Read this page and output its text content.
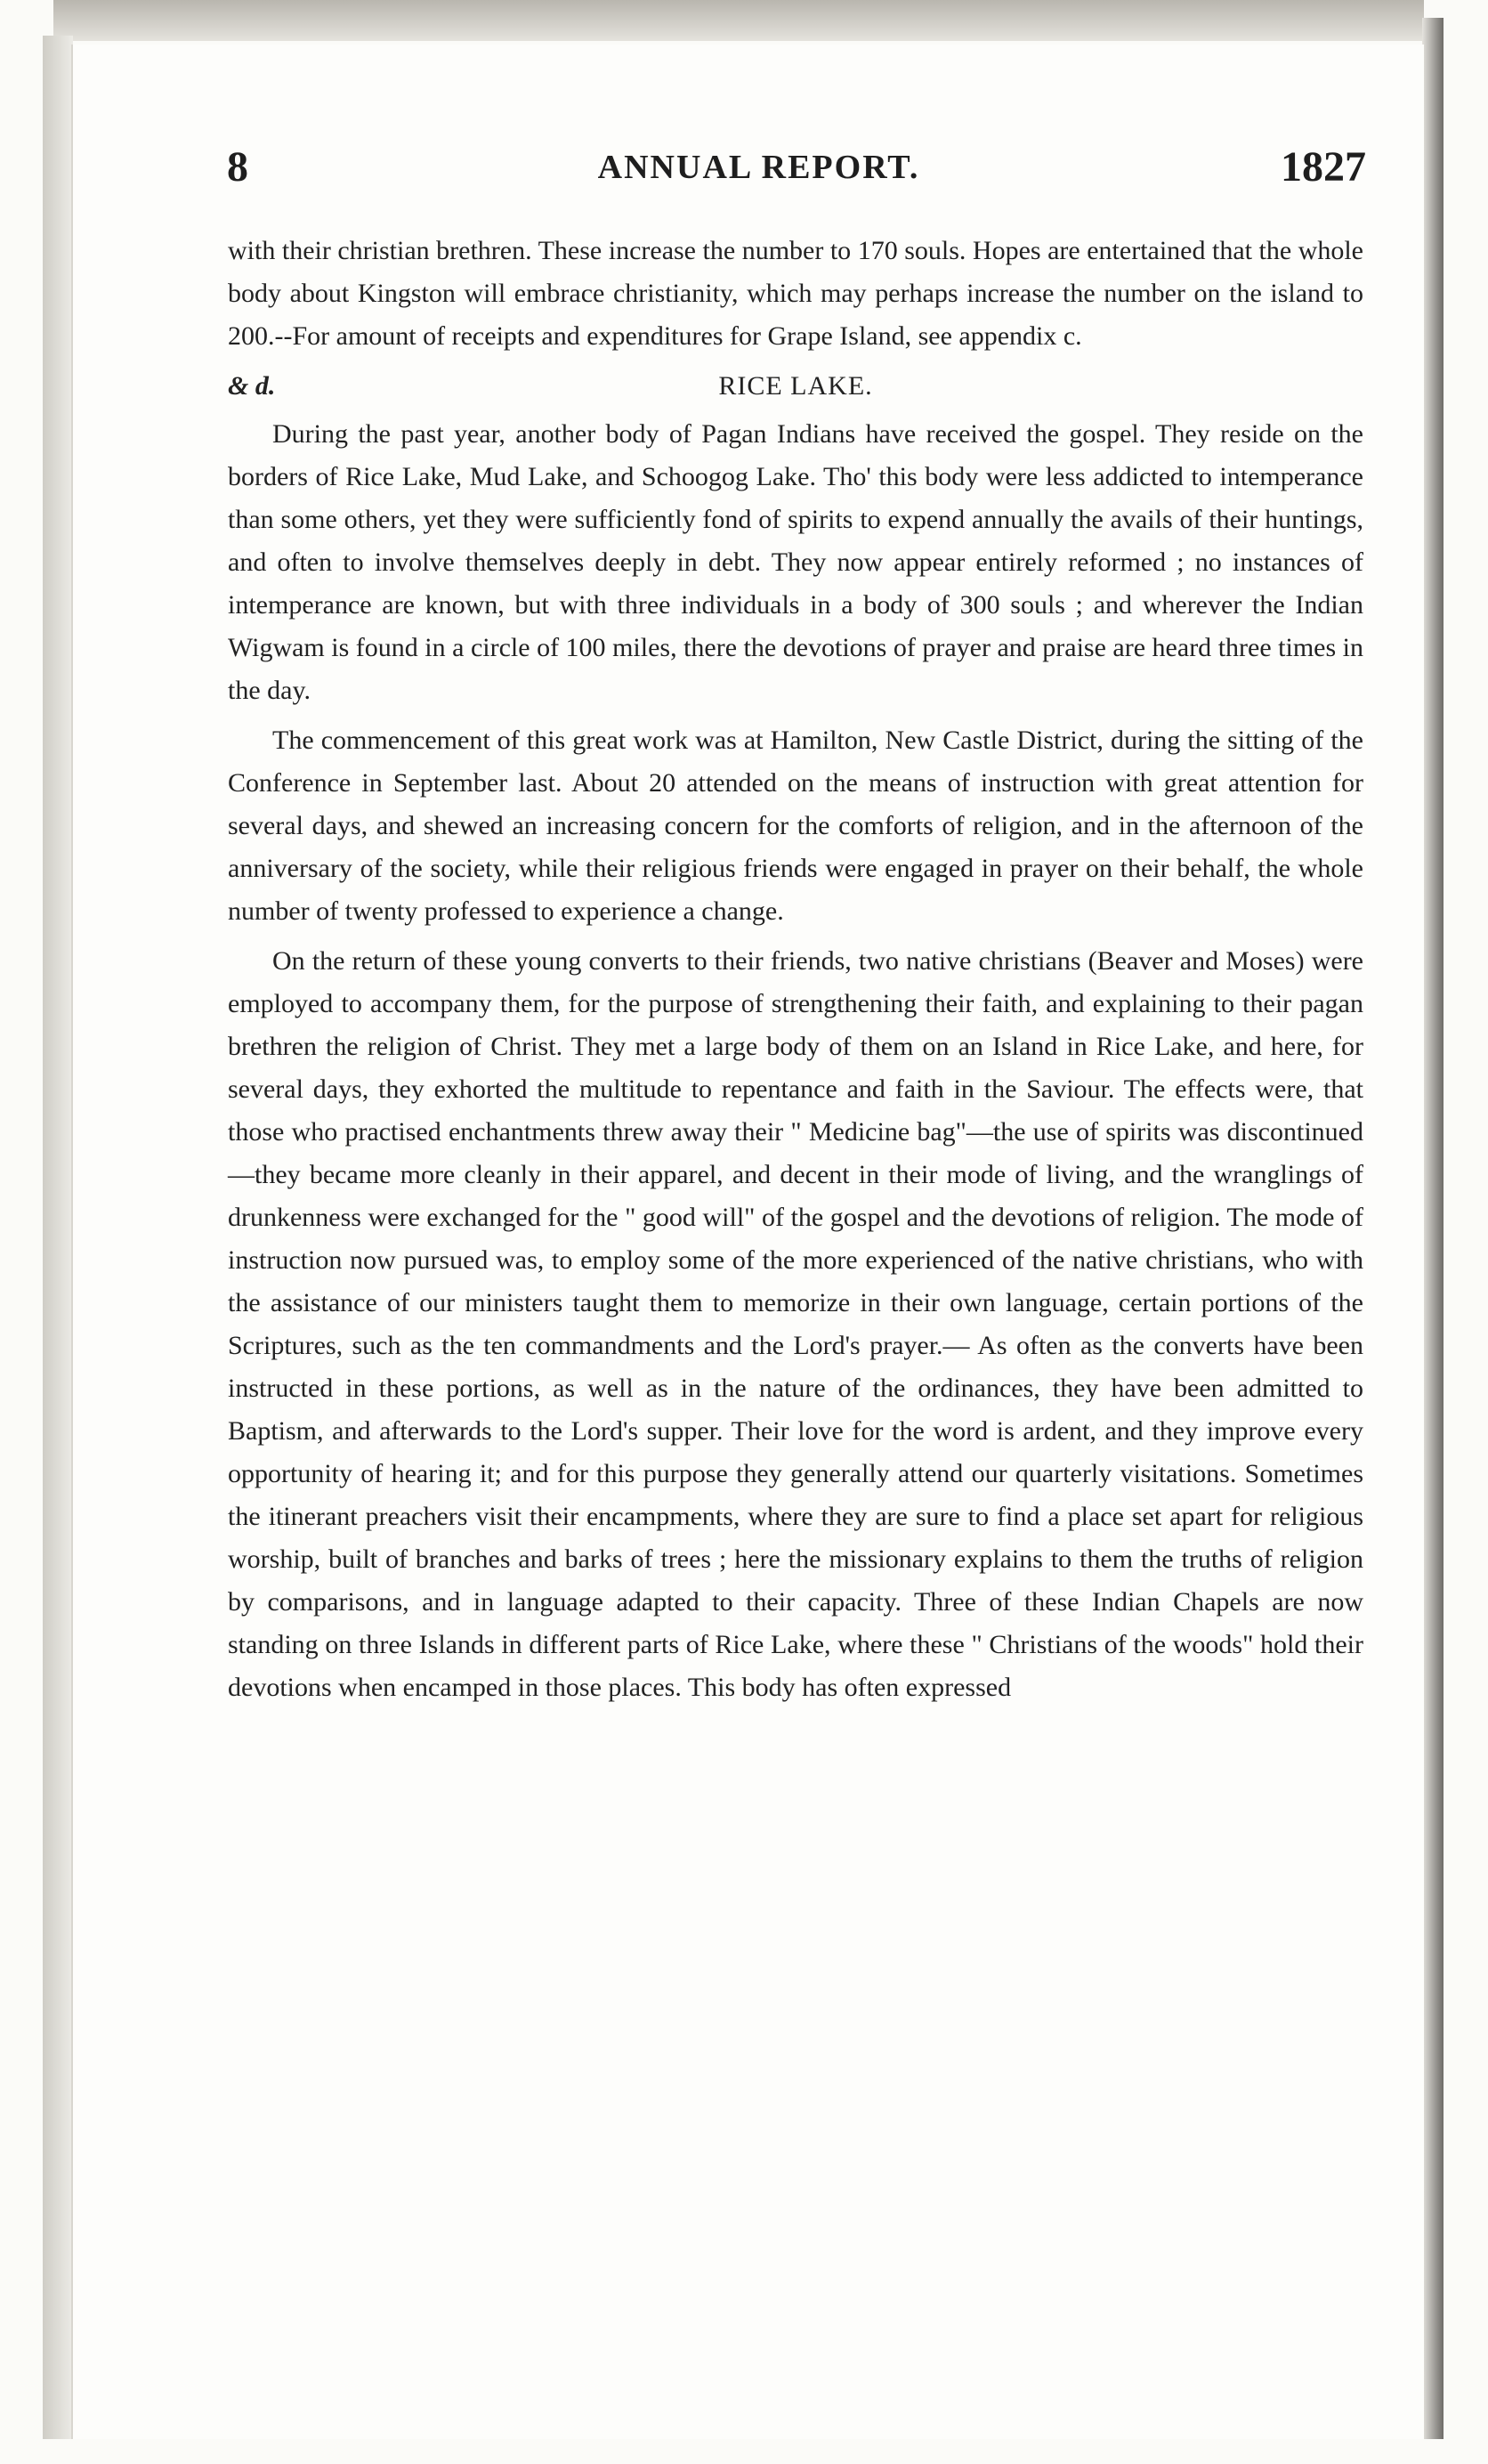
8	ANNUAL REPORT.	1827

with their christian brethren. These increase the number to 170 souls. Hopes are entertained that the whole body about Kingston will embrace christianity, which may perhaps increase the number on the island to 200.--For amount of receipts and expenditures for Grape Island, see appendix c.

& d.	RICE LAKE.

During the past year, another body of Pagan Indians have received the gospel. They reside on the borders of Rice Lake, Mud Lake, and Schoogog Lake. Tho' this body were less addicted to intemperance than some others, yet they were sufficiently fond of spirits to expend annually the avails of their huntings, and often to involve themselves deeply in debt. They now appear entirely reformed ; no instances of intemperance are known, but with three individuals in a body of 300 souls ; and wherever the Indian Wigwam is found in a circle of 100 miles, there the devotions of prayer and praise are heard three times in the day.

The commencement of this great work was at Hamilton, New Castle District, during the sitting of the Conference in September last. About 20 attended on the means of instruction with great attention for several days, and shewed an increasing concern for the comforts of religion, and in the afternoon of the anniversary of the society, while their religious friends were engaged in prayer on their behalf, the whole number of twenty professed to experience a change.

On the return of these young converts to their friends, two native christians (Beaver and Moses) were employed to accompany them, for the purpose of strengthening their faith, and explaining to their pagan brethren the religion of Christ. They met a large body of them on an Island in Rice Lake, and here, for several days, they exhorted the multitude to repentance and faith in the Saviour. The effects were, that those who practised enchantments threw away their " Medicine bag"—the use of spirits was discontinued—they became more cleanly in their apparel, and decent in their mode of living, and the wranglings of drunkenness were exchanged for the " good will" of the gospel and the devotions of religion. The mode of instruction now pursued was, to employ some of the more experienced of the native christians, who with the assistance of our ministers taught them to memorize in their own language, certain portions of the Scriptures, such as the ten commandments and the Lord's prayer.— As often as the converts have been instructed in these portions, as well as in the nature of the ordinances, they have been admitted to Baptism, and afterwards to the Lord's supper. Their love for the word is ardent, and they improve every opportunity of hearing it; and for this purpose they generally attend our quarterly visitations. Sometimes the itinerant preachers visit their encampments, where they are sure to find a place set apart for religious worship, built of branches and barks of trees ; here the missionary explains to them the truths of religion by comparisons, and in language adapted to their capacity. Three of these Indian Chapels are now standing on three Islands in different parts of Rice Lake, where these " Christians of the woods" hold their devotions when encamped in those places. This body has often expressed
